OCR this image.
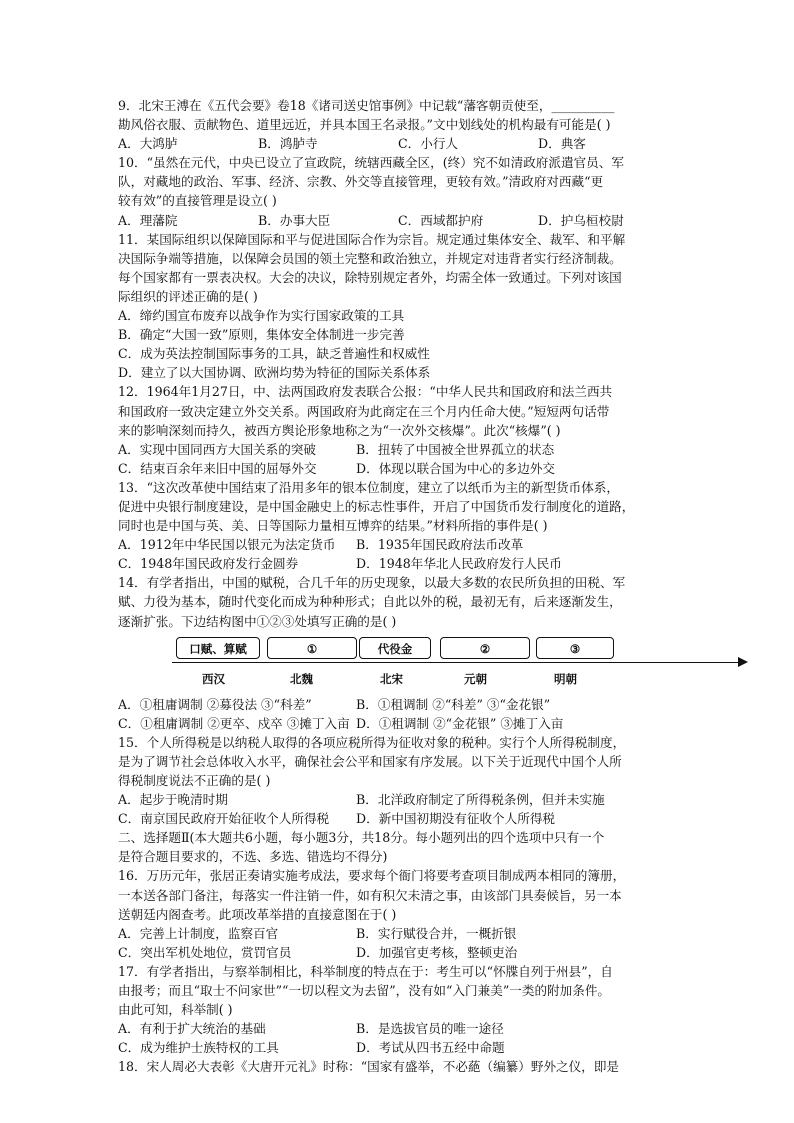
9．北宋王溥在《五代会要》卷18《诸司送史馆事例》中记载“藩客朝贡使至，__________
勘风俗衣服、贡献物色、道里远近，并具本国王名录报。”文中划线处的机构最有可能是( )
A．大鸿胪	B．鸿胪寺	C．小行人	D．典客
10．“虽然在元代，中央已设立了宣政院，统辖西藏全区，(终）究不如清政府派遣官员、军
队，对藏地的政治、军事、经济、宗教、外交等直接管理，更较有效。”清政府对西藏“更
较有效”的直接管理是设立( )
A．理藩院	B．办事大臣	C．西域都护府	D．护乌桓校尉
11．某国际组织以保障国际和平与促进国际合作为宗旨。规定通过集体安全、裁军、和平解
决国际争端等措施，以保障会员国的领土完整和政治独立，并规定对违背者实行经济制裁。
每个国家都有一票表决权。大会的决议，除特别规定者外，均需全体一致通过。下列对该国
际组织的评述正确的是( )
A．缔约国宣布废弃以战争作为实行国家政策的工具
B．确定“大国一致”原则，集体安全体制进一步完善
C．成为英法控制国际事务的工具，缺乏普遍性和权威性
D．建立了以大国协调、欧洲均势为特征的国际关系体系
12．1964年1月27日，中、法两国政府发表联合公报：“中华人民共和国政府和法兰西共
和国政府一致决定建立外交关系。两国政府为此商定在三个月内任命大使。”短短两句话带
来的影响深刻而持久，被西方舆论形象地称之为“一次外交核爆”。此次“核爆”( )
A．实现中国同西方大国关系的突破	B．扭转了中国被全世界孤立的状态
C．结束百余年来旧中国的屈辱外交	D．体现以联合国为中心的多边外交
13．“这次改革使中国结束了沿用多年的银本位制度，建立了以纸币为主的新型货币体系，
促进中央银行制度建设，是中国金融史上的标志性事件，开启了中国货币发行制度化的道路，
同时也是中国与英、美、日等国际力量相互博弈的结果。”材料所指的事件是( )
A．1912年中华民国以银元为法定货币	B．1935年国民政府法币改革
C．1948年国民政府发行金圆券	D．1948年华北人民政府发行人民币
14．有学者指出，中国的赋税，合几千年的历史现象，以最大多数的农民所负担的田税、军
赋、力役为基本，随时代变化而成为种种形式；自此以外的税，最初无有，后来逐渐发生，
逐渐扩张。下边结构图中①②③处填写正确的是( )
口赋、算赋	①	代役金	②	③
西汉	北魏	北宋	元朝	明朝
A．①租庸调制 ②募役法 ③“科差”	B．①租调制 ②“科差” ③“金花银”
C．①租庸调制 ②更卒、戍卒 ③摊丁入亩 D．①租调制 ②“金花银” ③摊丁入亩
15．个人所得税是以纳税人取得的各项应税所得为征收对象的税种。实行个人所得税制度，
是为了调节社会总体收入水平，确保社会公平和国家有序发展。以下关于近现代中国个人所
得税制度说法不正确的是( )
A．起步于晚清时期	B．北洋政府制定了所得税条例，但并未实施
C．南京国民政府开始征收个人所得税	D．新中国初期没有征收个人所得税
二、选择题Ⅱ(本大题共6小题，每小题3分，共18分。每小题列出的四个选项中只有一个
是符合题目要求的，不选、多选、错选均不得分)
16．万历元年，张居正奏请实施考成法，要求每个衙门将要考查项目制成两本相同的簿册，
一本送各部门备注，每落实一件注销一件，如有积欠未清之事，由该部门具奏候旨，另一本
送朝廷内阁查考。此项改革举措的直接意图在于( )
A．完善上计制度，监察百官	B．实行赋役合并，一概折银
C．突出军机处地位，赏罚官员	D．加强官吏考核，整顿吏治
17．有学者指出，与察举制相比，科举制度的特点在于：考生可以“怀牒自列于州县”，自
由报考；而且“取士不问家世”“一切以程文为去留”，没有如“入门兼美”一类的附加条件。
由此可知，科举制( )
A．有利于扩大统治的基础	B．是选拔官员的唯一途径
C．成为维护士族特权的工具	D．考试从四书五经中命题
18．宋人周必大表彰《大唐开元礼》时称：“国家有盛举，不必蕝（编纂）野外之仪，即是
